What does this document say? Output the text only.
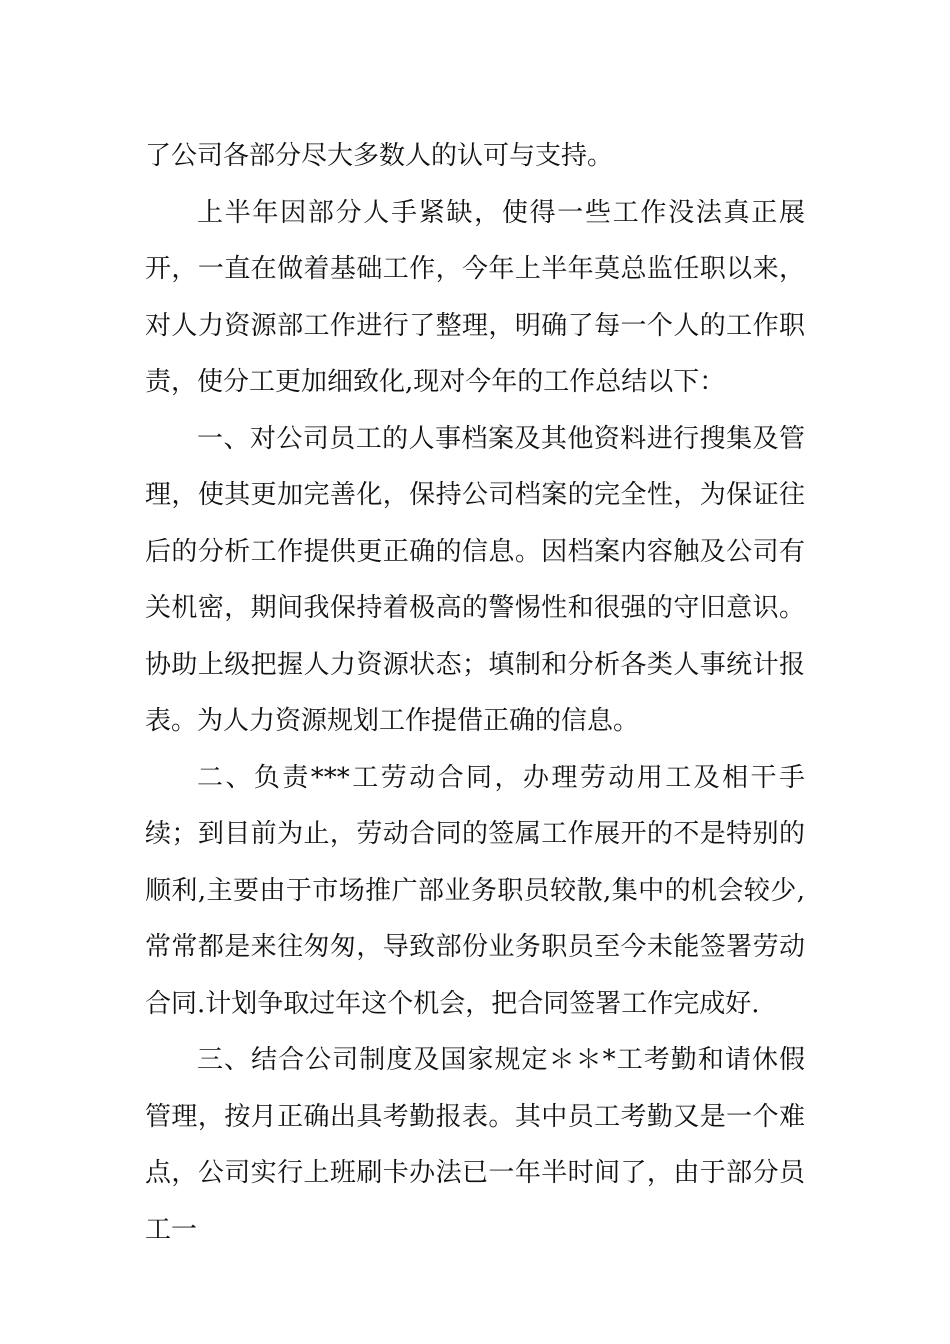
了公司各部分尽大多数人的认可与支持。

上半年因部分人手紧缺，使得一些工作没法真正展开，一直在做着基础工作，今年上半年莫总监任职以来，对人力资源部工作进行了整理，明确了每一个人的工作职责，使分工更加细致化,现对今年的工作总结以下：

一、对公司员工的人事档案及其他资料进行搜集及管理，使其更加完善化，保持公司档案的完全性，为保证往后的分析工作提供更正确的信息。因档案内容触及公司有关机密，期间我保持着极高的警惕性和很强的守旧意识。协助上级把握人力资源状态；填制和分析各类人事统计报表。为人力资源规划工作提借正确的信息。

二、负责***工劳动合同，办理劳动用工及相干手续；到目前为止，劳动合同的签属工作展开的不是特别的顺利,主要由于市场推广部业务职员较散,集中的机会较少,常常都是来往匆匆，导致部份业务职员至今未能签署劳动合同.计划争取过年这个机会，把合同签署工作完成好.

三、结合公司制度及国家规定＊＊*工考勤和请休假管理，按月正确出具考勤报表。其中员工考勤又是一个难点，公司实行上班刷卡办法已一年半时间了，由于部分员工一
